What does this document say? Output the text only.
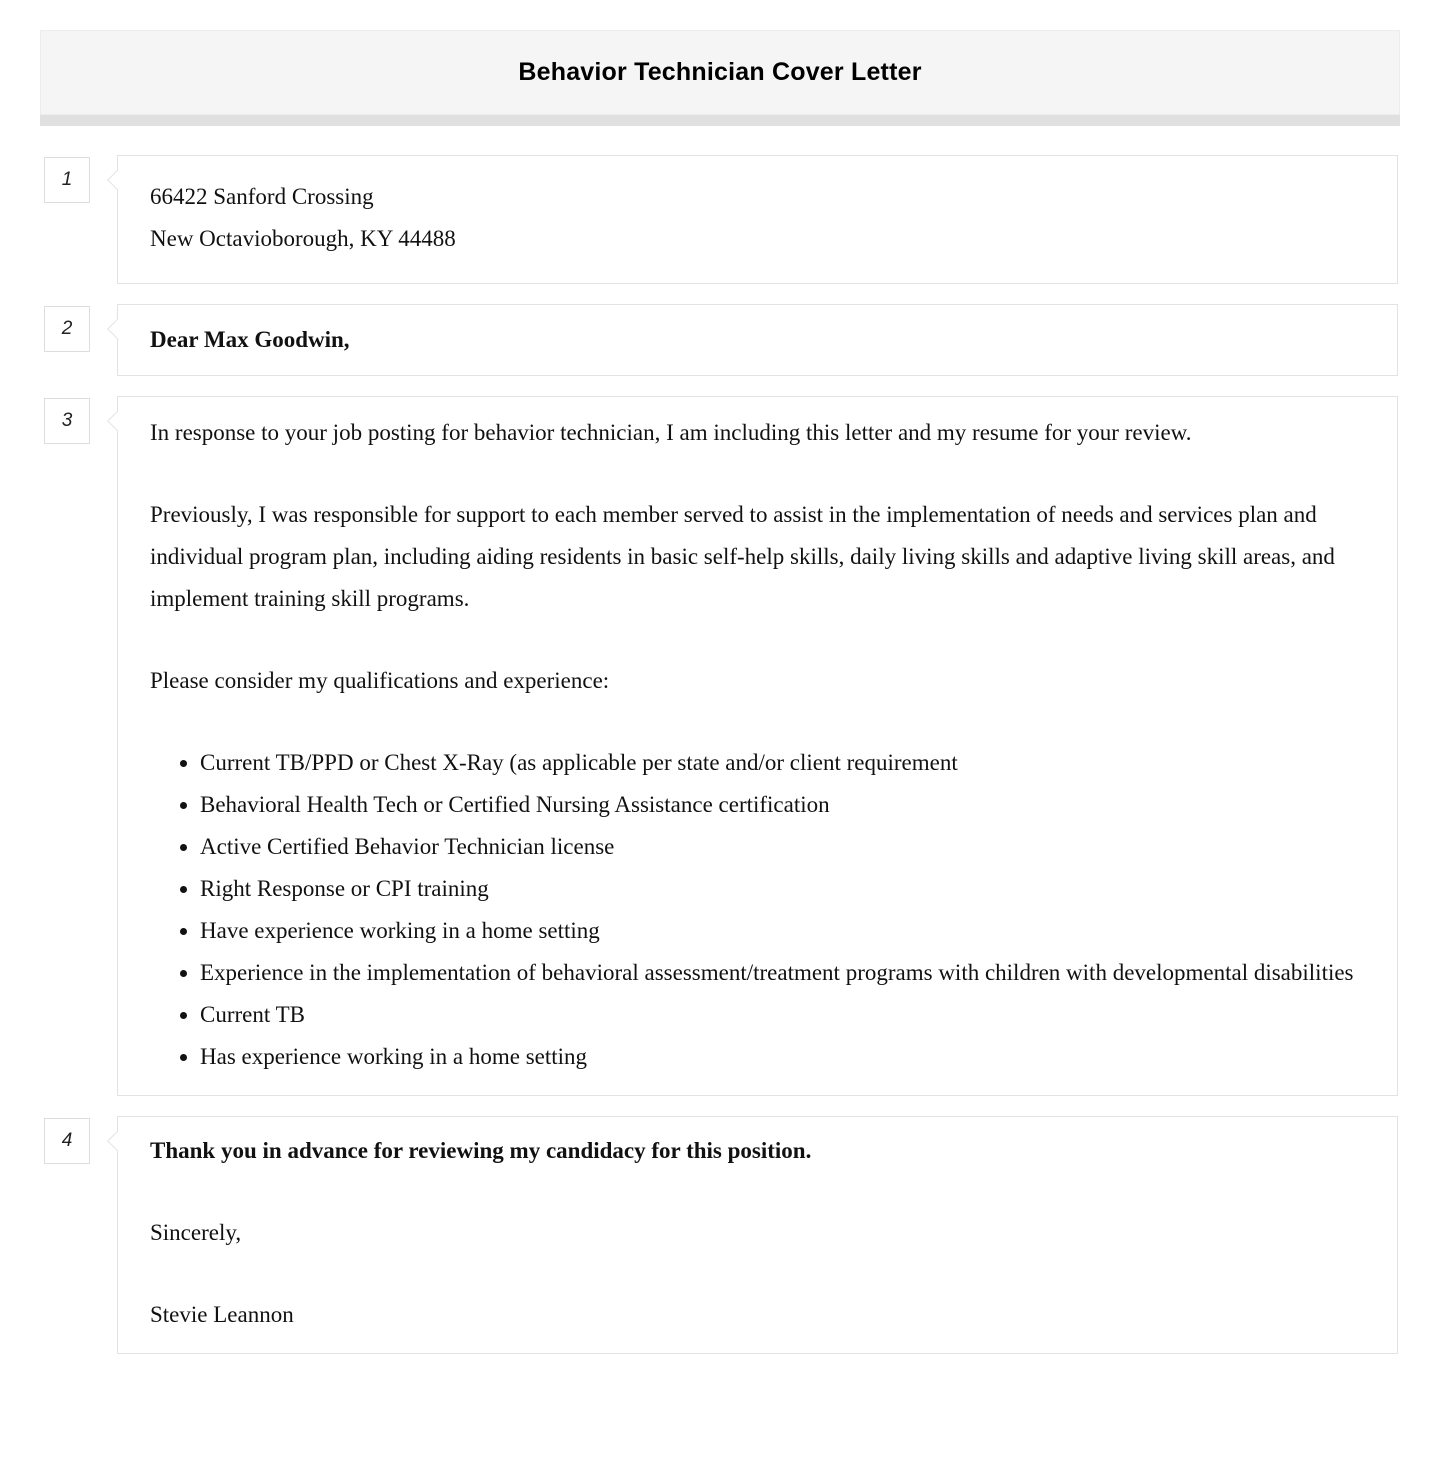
Behavior Technician Cover Letter
1

66422 Sanford Crossing

New Octavioborough, KY 44488

2	Dear Max Goodwin,

3	In response to your job posting for behavior technician, I am including this letter and my resume for your review.

Previously, I was responsible for support to each member served to assist in the implementation of needs and services plan and individual program plan, including aiding residents in basic self-help skills, daily living skills and adaptive living skill areas, and implement training skill programs.

Please consider my qualifications and experience:

• Current TB/PPD or Chest X-Ray (as applicable per state and/or client requirement
• Behavioral Health Tech or Certified Nursing Assistance certification
• Active Certified Behavior Technician license
• Right Response or CPI training
• Have experience working in a home setting
• Experience in the implementation of behavioral assessment/treatment programs with children with developmental disabilities
• Current TB
• Has experience working in a home setting
4	Thank you in advance for reviewing my candidacy for this position.

Sincerely,

Stevie Leannon
